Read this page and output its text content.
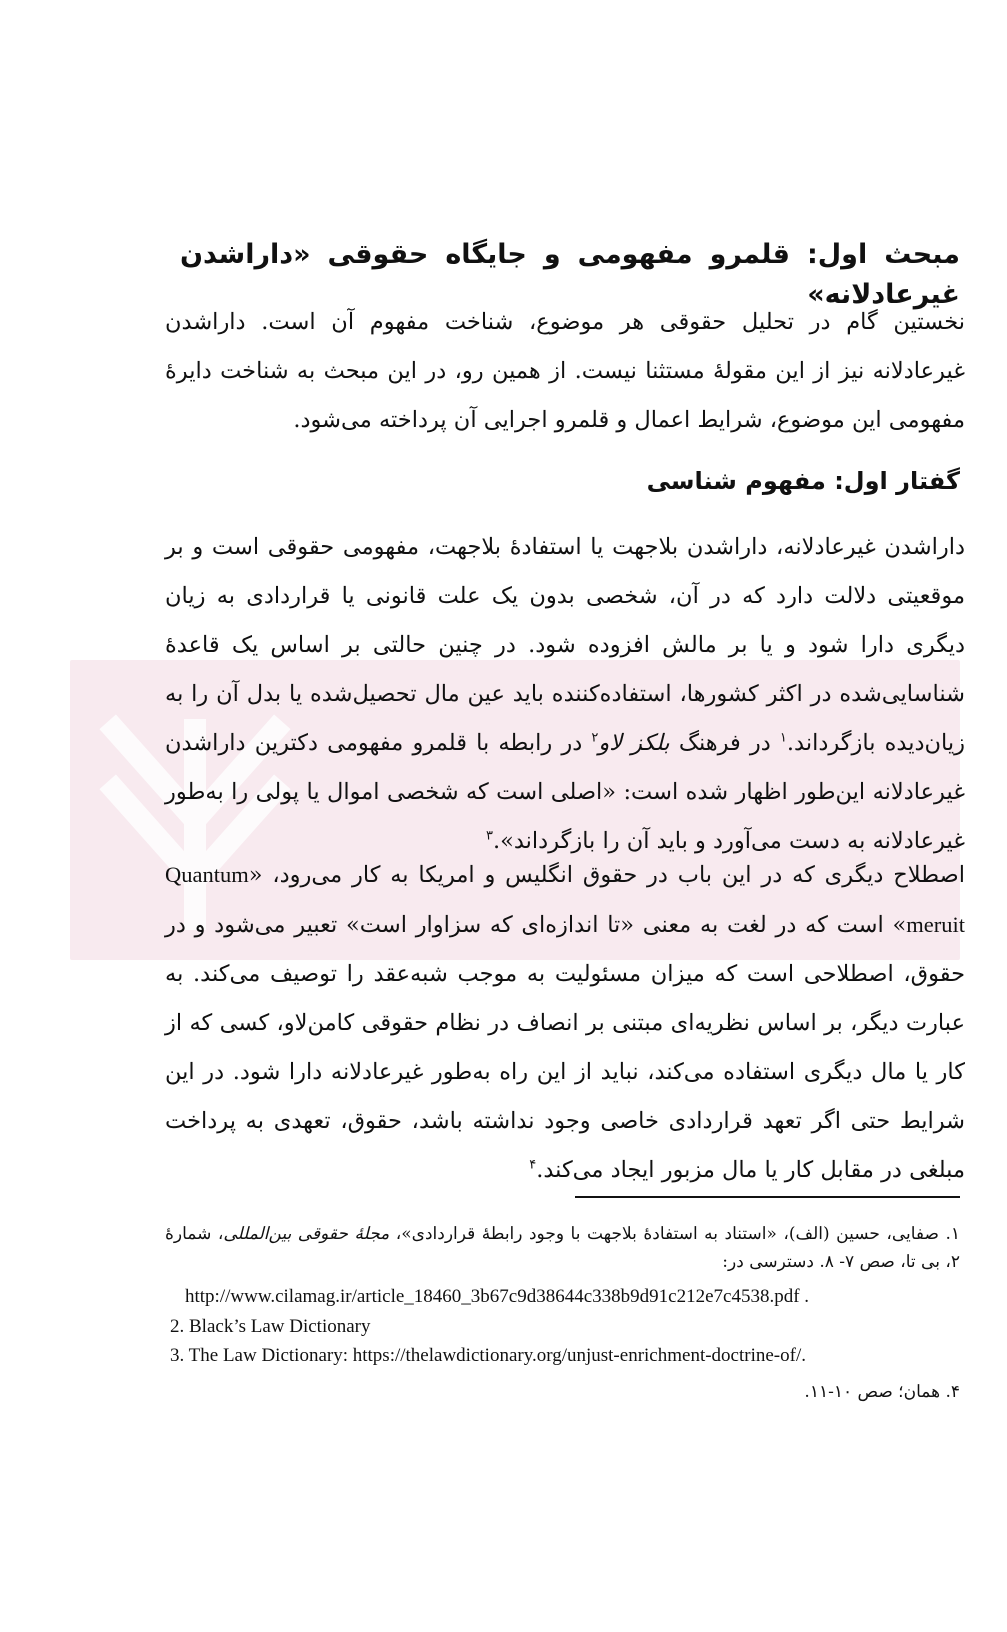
مبحث اول: قلمرو مفهومی و جایگاه حقوقی «داراشدن غیرعادلانه»

نخستین گام در تحلیل حقوقی هر موضوع، شناخت مفهوم آن است. داراشدن غیرعادلانه نیز از این مقولهٔ مستثنا نیست. از همین رو، در این مبحث به شناخت دایرهٔ مفهومی این موضوع، شرایط اعمال و قلمرو اجرایی آن پرداخته می‌شود.

گفتار اول: مفهوم شناسی

داراشدن غیرعادلانه، داراشدن بلاجهت یا استفادهٔ بلاجهت، مفهومی حقوقی است و بر موقعیتی دلالت دارد که در آن، شخصی بدون یک علت قانونی یا قراردادی به زیان دیگری دارا شود و یا بر مالش افزوده شود. در چنین حالتی بر اساس یک قاعدهٔ شناسایی‌شده در اکثر کشورها، استفاده‌کننده باید عین مال تحصیل‌شده یا بدل آن را به زیان‌دیده بازگرداند.$^۱$ در فرهنگ بلکز لاو$^۲$ در رابطه با قلمرو مفهومی دکترین داراشدن غیرعادلانه این‌طور اظهار شده است: «اصلی است که شخصی اموال یا پولی را به‌طور غیرعادلانه به دست می‌آورد و باید آن را بازگرداند».$^۳$

اصطلاح دیگری که در این باب در حقوق انگلیس و امریکا به کار می‌رود، «Quantum meruit» است که در لغت به معنی «تا اندازه‌ای که سزاوار است» تعبیر می‌شود و در حقوق، اصطلاحی است که میزان مسئولیت به موجب شبه‌عقد را توصیف می‌کند. به عبارت دیگر، بر اساس نظریه‌ای مبتنی بر انصاف در نظام حقوقی کامن‌لاو، کسی که از کار یا مال دیگری استفاده می‌کند، نباید از این راه به‌طور غیرعادلانه دارا شود. در این شرایط حتی اگر تعهد قراردادی خاصی وجود نداشته باشد، حقوق، تعهدی به پرداخت مبلغی در مقابل کار یا مال مزبور ایجاد می‌کند.$^۴$

۱. صفایی، حسین (الف)، «استناد به استفادهٔ بلاجهت با وجود رابطهٔ قراردادی»، مجلهٔ حقوقی بین‌المللی، شمارهٔ ۲، بی تا، صص ۷- ۸. دسترسی در:

http://www.cilamag.ir/article_18460_3b67c9d38644c338b9d91c212e7c4538.pdf .

2. Black’s Law Dictionary

3. The Law Dictionary: https://thelawdictionary.org/unjust-enrichment-doctrine-of/.

۴. همان؛ صص ۱۰-۱۱.
